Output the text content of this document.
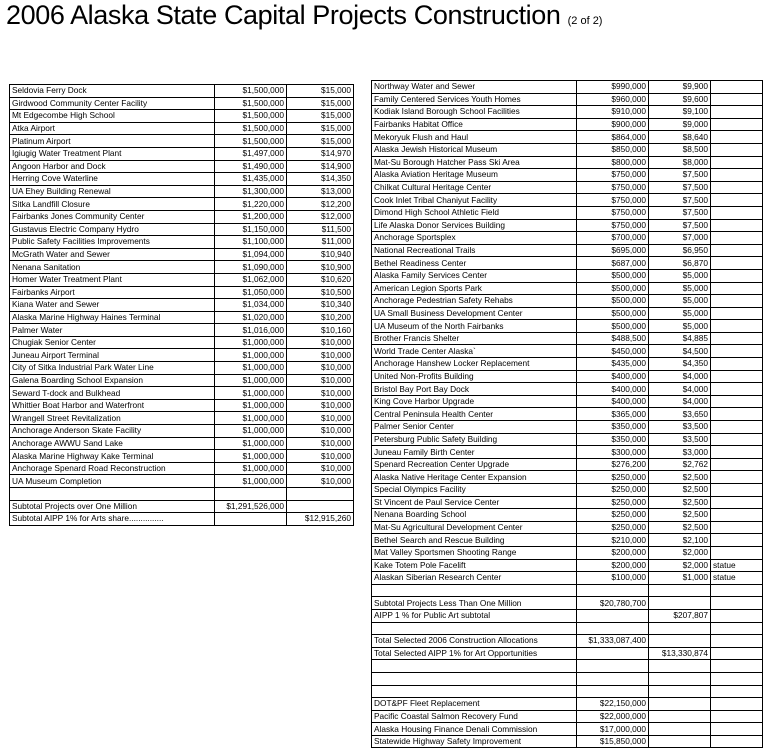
2006 Alaska State Capital Projects Construction (2 of 2)
Seldovia Ferry Dock	$1,500,000	$15,000
Girdwood Community Center Facility	$1,500,000	$15,000
Mt Edgecombe High School	$1,500,000	$15,000
Atka Airport	$1,500,000	$15,000
Platinum Airport	$1,500,000	$15,000
Igiugig Water Treatment Plant	$1,497,000	$14,970
Angoon Harbor and Dock	$1,490,000	$14,900
Herring Cove Waterline	$1,435,000	$14,350
UA Ehey Building Renewal	$1,300,000	$13,000
Sitka Landfill Closure	$1,220,000	$12,200
Fairbanks Jones Community Center	$1,200,000	$12,000
Gustavus Electric Company Hydro	$1,150,000	$11,500
Public Safety Facilities Improvements	$1,100,000	$11,000
McGrath Water and Sewer	$1,094,000	$10,940
Nenana Sanitation	$1,090,000	$10,900
Homer Water Treatment Plant	$1,062,000	$10,620
Fairbanks Airport	$1,050,000	$10,500
Kiana Water and Sewer	$1,034,000	$10,340
Alaska Marine Highway Haines Terminal	$1,020,000	$10,200
Palmer Water	$1,016,000	$10,160
Chugiak Senior Center	$1,000,000	$10,000
Juneau Airport Terminal	$1,000,000	$10,000
City of Sitka Industrial Park Water Line	$1,000,000	$10,000
Galena Boarding School Expansion	$1,000,000	$10,000
Seward T-dock and Bulkhead	$1,000,000	$10,000
Whittier Boat Harbor and Waterfront	$1,000,000	$10,000
Wrangell Street Revitalization	$1,000,000	$10,000
Anchorage Anderson Skate Facility	$1,000,000	$10,000
Anchorage AWWU Sand Lake	$1,000,000	$10,000
Alaska Marine Highway Kake Terminal	$1,000,000	$10,000
Anchorage Spenard Road Reconstruction	$1,000,000	$10,000
UA Museum Completion	$1,000,000	$10,000

Subtotal Projects over One Million	$1,291,526,000	
Subtotal AIPP 1% for Arts share...............		$12,915,260
Northway Water and Sewer	$990,000	$9,900	
Family Centered Services Youth Homes	$960,000	$9,600	
Kodiak Island Borough School Facilities	$910,000	$9,100	
Fairbanks Habitat Office	$900,000	$9,000	
Mekoryuk Flush and Haul	$864,000	$8,640	
Alaska Jewish Historical Museum	$850,000	$8,500	
Mat-Su Borough Hatcher Pass Ski Area	$800,000	$8,000	
Alaska Aviation Heritage Museum	$750,000	$7,500	
Chilkat Cultural Heritage Center	$750,000	$7,500	
Cook Inlet Tribal Chaniyut Facility	$750,000	$7,500	
Dimond High School Athletic Field	$750,000	$7,500	
Life Alaska Donor Services Building	$750,000	$7,500	
Anchorage Sportsplex	$700,000	$7,000	
National Recreational Trails	$695,000	$6,950	
Bethel Readiness Center	$687,000	$6,870	
Alaska Family Services Center	$500,000	$5,000	
American Legion Sports Park	$500,000	$5,000	
Anchorage Pedestrian Safety Rehabs	$500,000	$5,000	
UA Small Business Development Center	$500,000	$5,000	
UA Museum of the North Fairbanks	$500,000	$5,000	
Brother Francis Shelter	$488,500	$4,885	
World Trade Center Alaska`	$450,000	$4,500	
Anchorage Hanshew Locker Replacement	$435,000	$4,350	
United Non-Profits Building	$400,000	$4,000	
Bristol Bay Port Bay Dock	$400,000	$4,000	
King Cove Harbor Upgrade	$400,000	$4,000	
Central Peninsula Health Center	$365,000	$3,650	
Palmer Senior Center	$350,000	$3,500	
Petersburg Public Safety Building	$350,000	$3,500	
Juneau Family Birth Center	$300,000	$3,000	
Spenard Recreation Center Upgrade	$276,200	$2,762	
Alaska Native Heritage Center Expansion	$250,000	$2,500	
Special Olympics Facility	$250,000	$2,500	
St Vincent de Paul Service Center	$250,000	$2,500	
Nenana Boarding School	$250,000	$2,500	
Mat-Su Agricultural Development Center	$250,000	$2,500	
Bethel Search and Rescue Building	$210,000	$2,100	
Mat Valley Sportsmen Shooting Range	$200,000	$2,000	
Kake Totem Pole Facelift	$200,000	$2,000	statue
Alaskan Siberian Research Center	$100,000	$1,000	statue

Subtotal Projects Less Than One Million	$20,780,700		
AIPP 1 % for Public Art subtotal		$207,807	

Total Selected 2006 Construction Allocations	$1,333,087,400		
Total Selected AIPP 1% for Art Opportunities		$13,330,874	

DOT&PF Fleet Replacement	$22,150,000		
Pacific Coastal Salmon Recovery Fund	$22,000,000		
Alaska Housing Finance Denali Commission	$17,000,000		
Statewide Highway Safety Improvement	$15,850,000		
